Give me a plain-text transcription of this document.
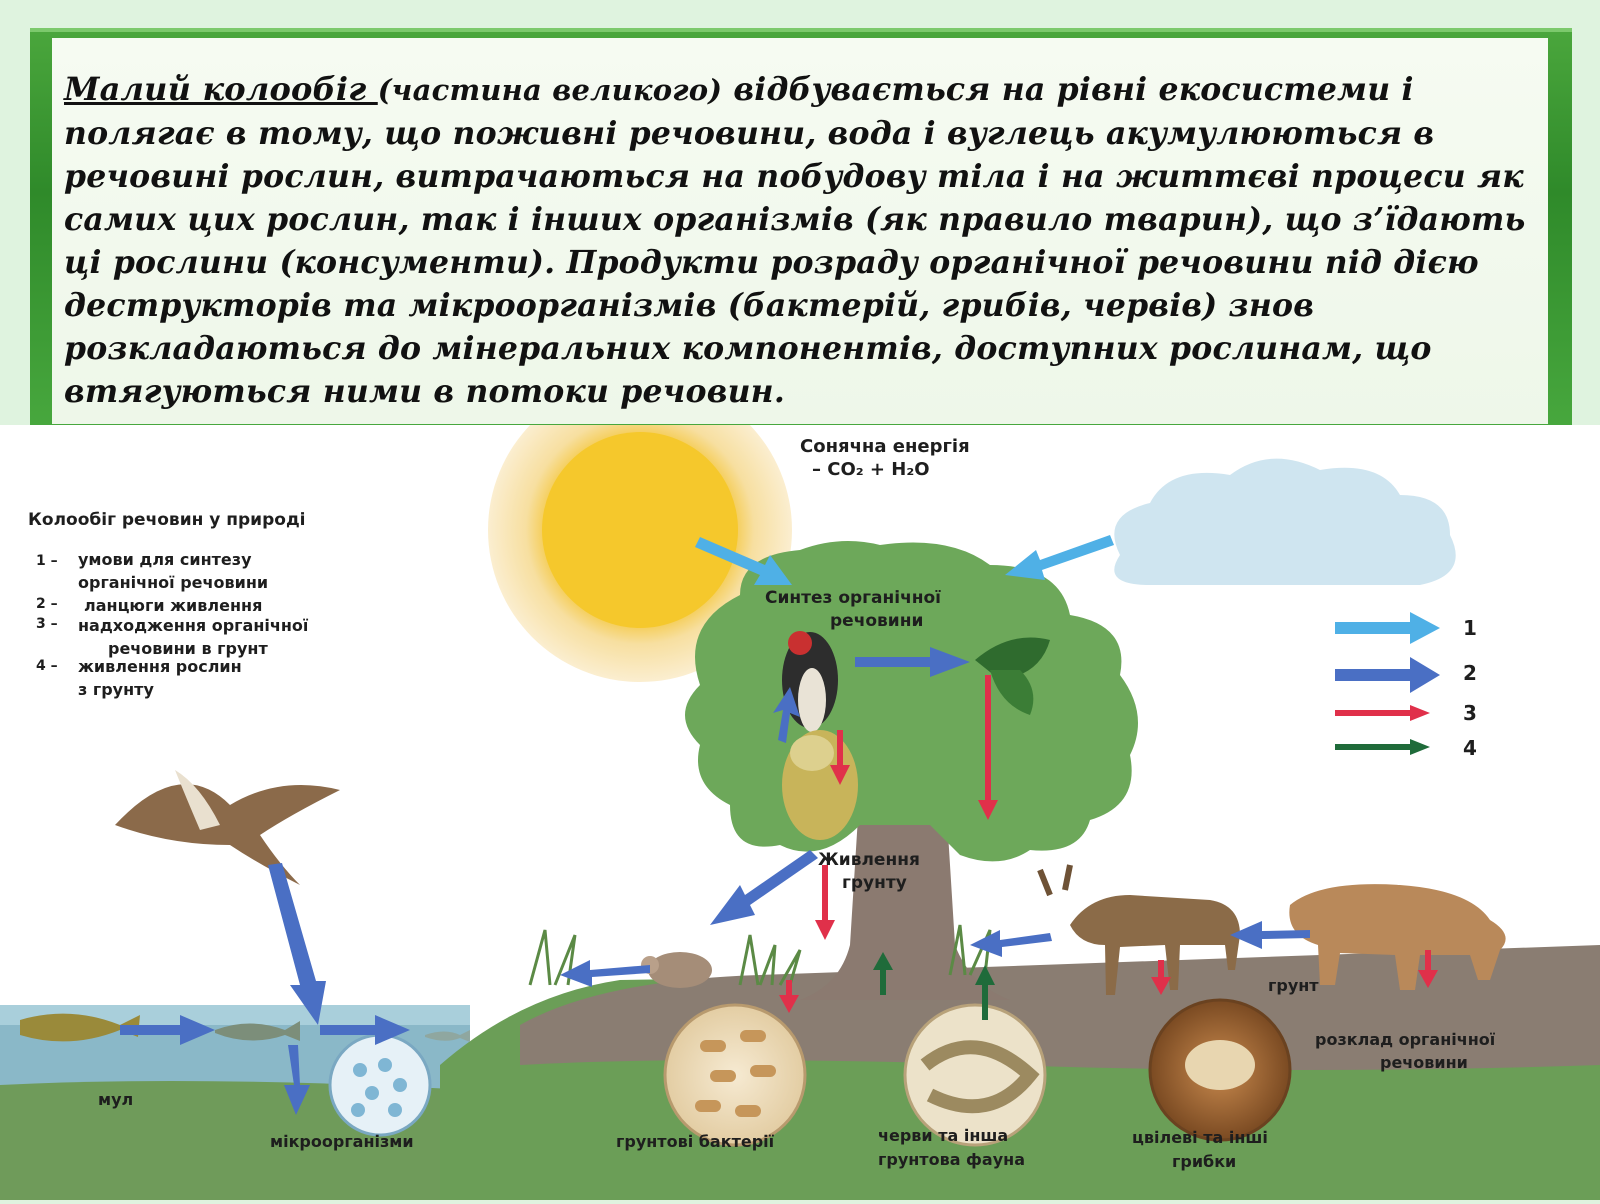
Малий колообіг (частина великого) відбувається на рівні екосистеми і полягає в тому, що поживні речовини, вода і вуглець акумулюються в речовині рослин, витрачаються на побудову тіла і на життєві процеси як самих цих рослин, так і інших організмів (як правило тварин), що з’їдають ці рослини (консументи). Продукти розраду органічної речовини під дією деструкторів та мікроорганізмів (бактерій, грибів, червів) знов розкладаються до мінеральних компонентів, доступних рослинам, що втягуються ними в потоки речовин.

1
2
3
4
Колообіг речовин у природі
1 – умови для синтезу
органічної речовини
2 – ланцюги живлення
3 – надходження органічної
речовини в грунт
4 – живлення рослин
з грунту
Сонячна енергія
– CO₂ + H₂O
Синтез органічної
речовини
Живлення
грунту
грунт
розклад органічної
речовини
мул
мікроорганізми	грунтові бактерії	черви та інша
грунтова фауна
цвілеві та інші
грибки
